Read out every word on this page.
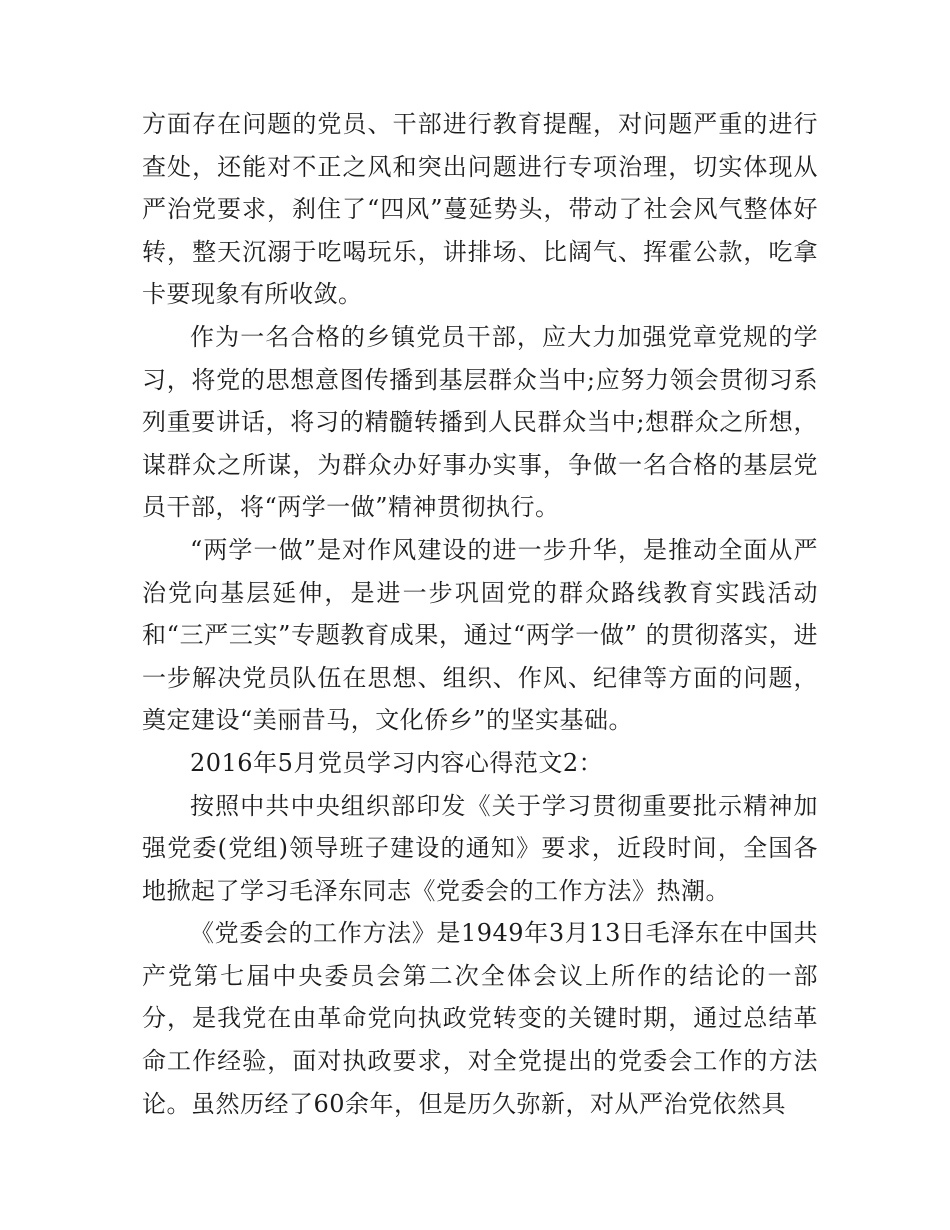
方面存在问题的党员、干部进行教育提醒，对问题严重的进行查处，还能对不正之风和突出问题进行专项治理，切实体现从严治党要求，刹住了“四风”蔓延势头，带动了社会风气整体好转，整天沉溺于吃喝玩乐，讲排场、比阔气、挥霍公款，吃拿卡要现象有所收敛。

作为一名合格的乡镇党员干部，应大力加强党章党规的学习，将党的思想意图传播到基层群众当中;应努力领会贯彻习系列重要讲话，将习的精髓转播到人民群众当中;想群众之所想，谋群众之所谋，为群众办好事办实事，争做一名合格的基层党员干部，将“两学一做”精神贯彻执行。

“两学一做”是对作风建设的进一步升华，是推动全面从严治党向基层延伸，是进一步巩固党的群众路线教育实践活动和“三严三实”专题教育成果，通过“两学一做” 的贯彻落实，进一步解决党员队伍在思想、组织、作风、纪律等方面的问题，奠定建设“美丽昔马，文化侨乡”的坚实基础。

2016年5月党员学习内容心得范文2：

按照中共中央组织部印发《关于学习贯彻重要批示精神加强党委(党组)领导班子建设的通知》要求，近段时间，全国各地掀起了学习毛泽东同志《党委会的工作方法》热潮。

《党委会的工作方法》是1949年3月13日毛泽东在中国共产党第七届中央委员会第二次全体会议上所作的结论的一部分，是我党在由革命党向执政党转变的关键时期，通过总结革命工作经验，面对执政要求，对全党提出的党委会工作的方法论。虽然历经了60余年，但是历久弥新，对从严治党依然具
